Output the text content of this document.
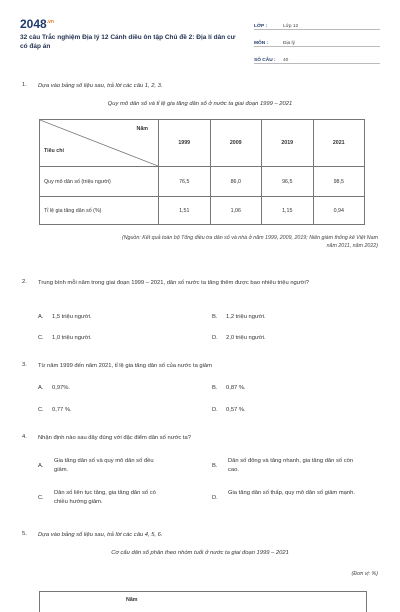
$2048^{.vn}$
32 câu Trắc nghiệm Địa lý 12 Cánh diều ôn tập Chủ đề 2: Địa lí dân cư có đáp án
LỚP :	Lớp 12
MÔN :	Địa lý
SỐ CÂU :	40
1. Dựa vào bảng số liệu sau, trả lời các câu 1, 2, 3.
Quy mô dân số và tỉ lệ gia tăng dân số ở nước ta giai đoạn 1999 – 2021
Năm
Tiêu chí	1999	2009	2019	2021
Quy mô dân số (triệu người)	76,5	86,0	96,5	98,5
Tỉ lệ gia tăng dân số (%)	1,51	1,06	1,15	0,94
(Nguồn: Kết quả toàn bộ Tổng điều tra dân số và nhà ở năm 1999, 2009, 2019; Niên giám thống kê Việt Nam năm 2011, năm 2022)
2. Trung bình mỗi năm trong giai đoạn 1999 – 2021, dân số nước ta tăng thêm được bao nhiêu triệu người?
A.	1,5 triệu người.	B.	1,2 triệu người.
C.	1,0 triệu người.	D.	2,0 triệu người.
3. Từ năm 1999 đến năm 2021, tỉ lệ gia tăng dân số của nước ta giảm
A.	0,97%.	B.	0,87 %.
C.	0,77 %.	D.	0,57 %.
4. Nhận định nào sau đây đúng với đặc điểm dân số nước ta?
A.
Gia tăng dân số và quy mô dân số đều giảm.
B.
Dân số đông và tăng nhanh, gia tăng dân số còn cao.
C.
Dân số liên tục tăng, gia tăng dân số có chiều hướng giảm.
D.
Gia tăng dân số thấp, quy mô dân số giảm mạnh.
5. Dựa vào bảng số liệu sau, trả lời các câu 4, 5, 6.
Cơ cấu dân số phân theo nhóm tuổi ở nước ta giai đoạn 1999 – 2021
(Đơn vị: %)
Năm
